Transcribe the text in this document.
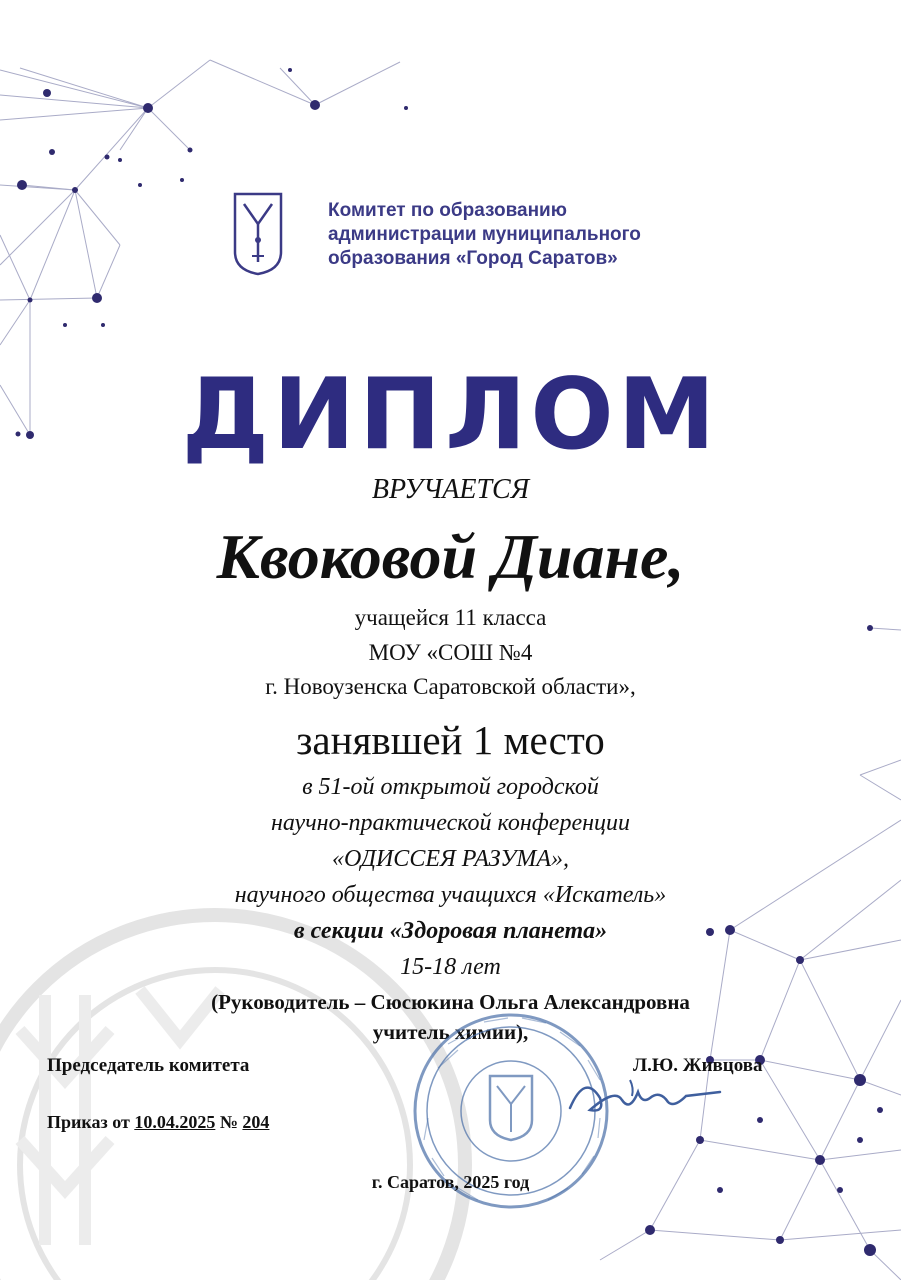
Комитет по образованию
администрации муниципального
образования «Город Саратов»
ДИПЛОМ
ВРУЧАЕТСЯ
Квоковой Диане,
учащейся 11 класса
МОУ «СОШ №4
г. Новоузенска Саратовской области»,
занявшей 1 место
в 51-ой открытой городской
научно-практической конференции
«ОДИССЕЯ РАЗУМА»,
научного общества учащихся «Искатель»
в секции «Здоровая планета»
15-18 лет
(Руководитель – Сюсюкина Ольга Александровна
учитель химии),
Председатель комитета	Л.Ю. Живцова
Приказ от 10.04.2025 № 204
г. Саратов, 2025 год
